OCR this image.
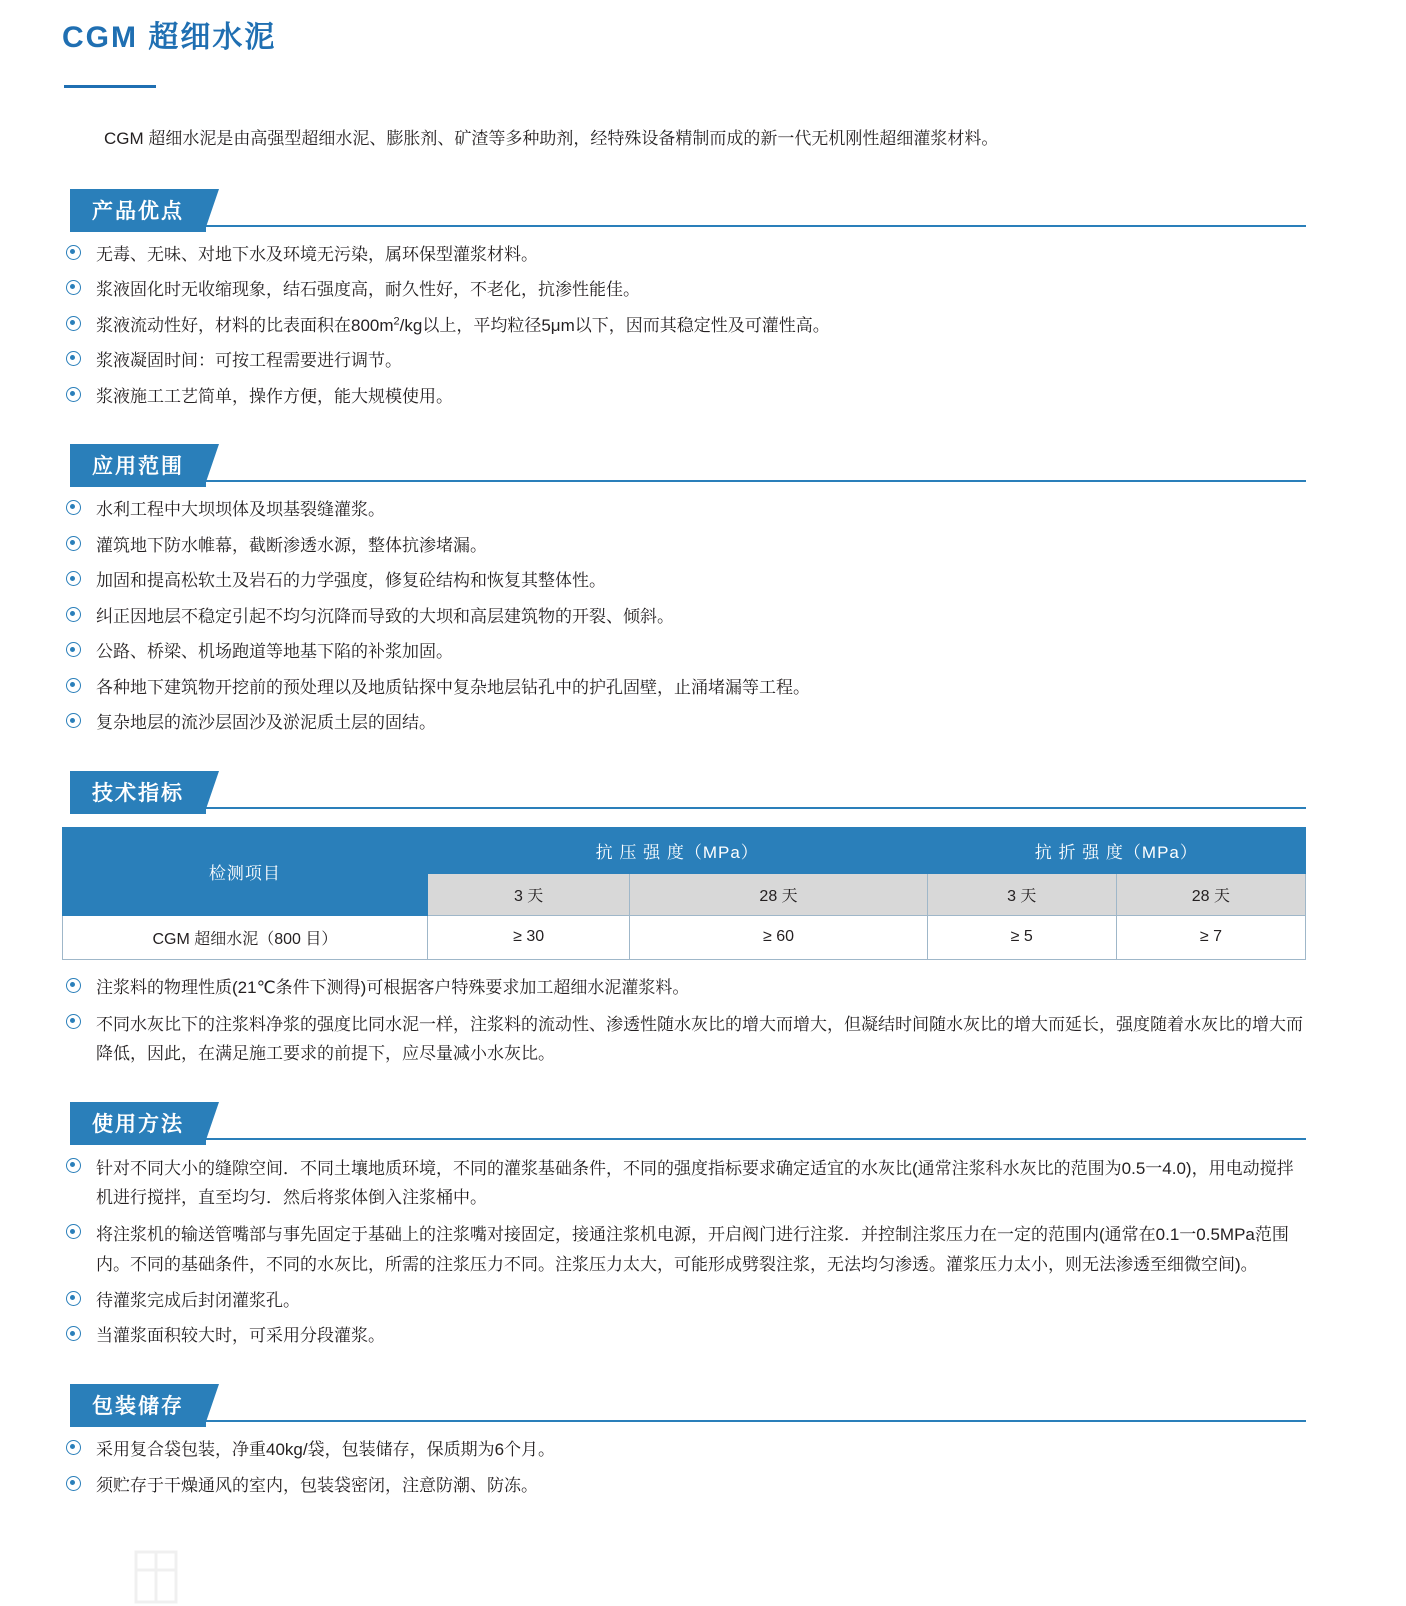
CGM 超细水泥

CGM 超细水泥是由高强型超细水泥、膨胀剂、矿渣等多种助剂，经特殊设备精制而成的新一代无机刚性超细灌浆材料。

产品优点
无毒、无味、对地下水及环境无污染，属环保型灌浆材料。
浆液固化时无收缩现象，结石强度高，耐久性好，不老化，抗渗性能佳。
浆液流动性好，材料的比表面积在$800m^2/kg$以上，平均粒径5μm以下，因而其稳定性及可灌性高。
浆液凝固时间：可按工程需要进行调节。
浆液施工工艺简单，操作方便，能大规模使用。
应用范围
水利工程中大坝坝体及坝基裂缝灌浆。
灌筑地下防水帷幕，截断渗透水源，整体抗渗堵漏。
加固和提高松软土及岩石的力学强度，修复砼结构和恢复其整体性。
纠正因地层不稳定引起不均匀沉降而导致的大坝和高层建筑物的开裂、倾斜。
公路、桥梁、机场跑道等地基下陷的补浆加固。
各种地下建筑物开挖前的预处理以及地质钻探中复杂地层钻孔中的护孔固壁，止涌堵漏等工程。
复杂地层的流沙层固沙及淤泥质土层的固结。
技术指标
检测项目	抗 压 强 度（MPa）		抗 折 强 度（MPa）	
	3 天	28 天	3 天	28 天
CGM 超细水泥（800 目）	≥ 30	≥ 60	≥ 5	≥ 7
注浆料的物理性质(21℃条件下测得)可根据客户特殊要求加工超细水泥灌浆料。
不同水灰比下的注浆料净浆的强度比同水泥一样，注浆料的流动性、渗透性随水灰比的增大而增大，但凝结时间随水灰比的增大而延长，强度随着水灰比的增大而降低，因此，在满足施工要求的前提下，应尽量减小水灰比。
使用方法
针对不同大小的缝隙空间．不同土壤地质环境，不同的灌浆基础条件，不同的强度指标要求确定适宜的水灰比(通常注浆科水灰比的范围为0.5一4.0)，用电动搅拌机进行搅拌，直至均匀．然后将浆体倒入注浆桶中。
将注浆机的输送管嘴部与事先固定于基础上的注浆嘴对接固定，接通注浆机电源，开启阀门进行注浆．并控制注浆压力在一定的范围内(通常在0.1一0.5MPa范围内。不同的基础条件，不同的水灰比，所需的注浆压力不同。注浆压力太大，可能形成劈裂注浆，无法均匀渗透。灌浆压力太小，则无法渗透至细微空间)。
待灌浆完成后封闭灌浆孔。
当灌浆面积较大时，可采用分段灌浆。
包装储存
采用复合袋包装，净重40kg/袋，包装储存，保质期为6个月。
须贮存于干燥通风的室内，包装袋密闭，注意防潮、防冻。
